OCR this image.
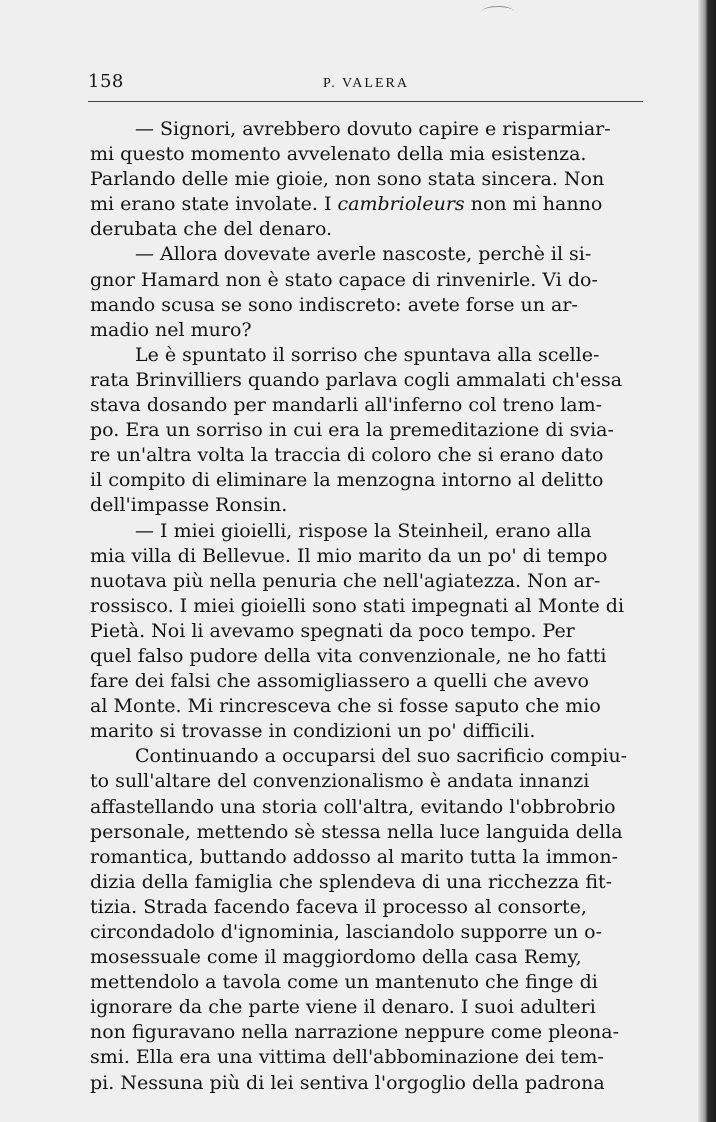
158	P. VALERA
— Signori, avrebbero dovuto capire e risparmiar-
mi questo momento avvelenato della mia esistenza.
Parlando delle mie gioie, non sono stata sincera. Non
mi erano state involate. I cambrioleurs non mi hanno
derubata che del denaro.
— Allora dovevate averle nascoste, perchè il si-
gnor Hamard non è stato capace di rinvenirle. Vi do-
mando scusa se sono indiscreto: avete forse un ar-
madio nel muro?
Le è spuntato il sorriso che spuntava alla scelle-
rata Brinvilliers quando parlava cogli ammalati ch'essa
stava dosando per mandarli all'inferno col treno lam-
po. Era un sorriso in cui era la premeditazione di svia-
re un'altra volta la traccia di coloro che si erano dato
il compito di eliminare la menzogna intorno al delitto
dell'impasse Ronsin.
— I miei gioielli, rispose la Steinheil, erano alla
mia villa di Bellevue. Il mio marito da un po' di tempo
nuotava più nella penuria che nell'agiatezza. Non ar-
rossisco. I miei gioielli sono stati impegnati al Monte di
Pietà. Noi li avevamo spegnati da poco tempo. Per
quel falso pudore della vita convenzionale, ne ho fatti
fare dei falsi che assomigliassero a quelli che avevo
al Monte. Mi rincresceva che si fosse saputo che mio
marito si trovasse in condizioni un po' difficili.
Continuando a occuparsi del suo sacrificio compiu-
to sull'altare del convenzionalismo è andata innanzi
affastellando una storia coll'altra, evitando l'obbrobrio
personale, mettendo sè stessa nella luce languida della
romantica, buttando addosso al marito tutta la immon-
dizia della famiglia che splendeva di una ricchezza fit-
tizia. Strada facendo faceva il processo al consorte,
circondadolo d'ignominia, lasciandolo supporre un o-
mosessuale come il maggiordomo della casa Remy,
mettendolo a tavola come un mantenuto che finge di
ignorare da che parte viene il denaro. I suoi adulteri
non figuravano nella narrazione neppure come pleona-
smi. Ella era una vittima dell'abbominazione dei tem-
pi. Nessuna più di lei sentiva l'orgoglio della padrona
